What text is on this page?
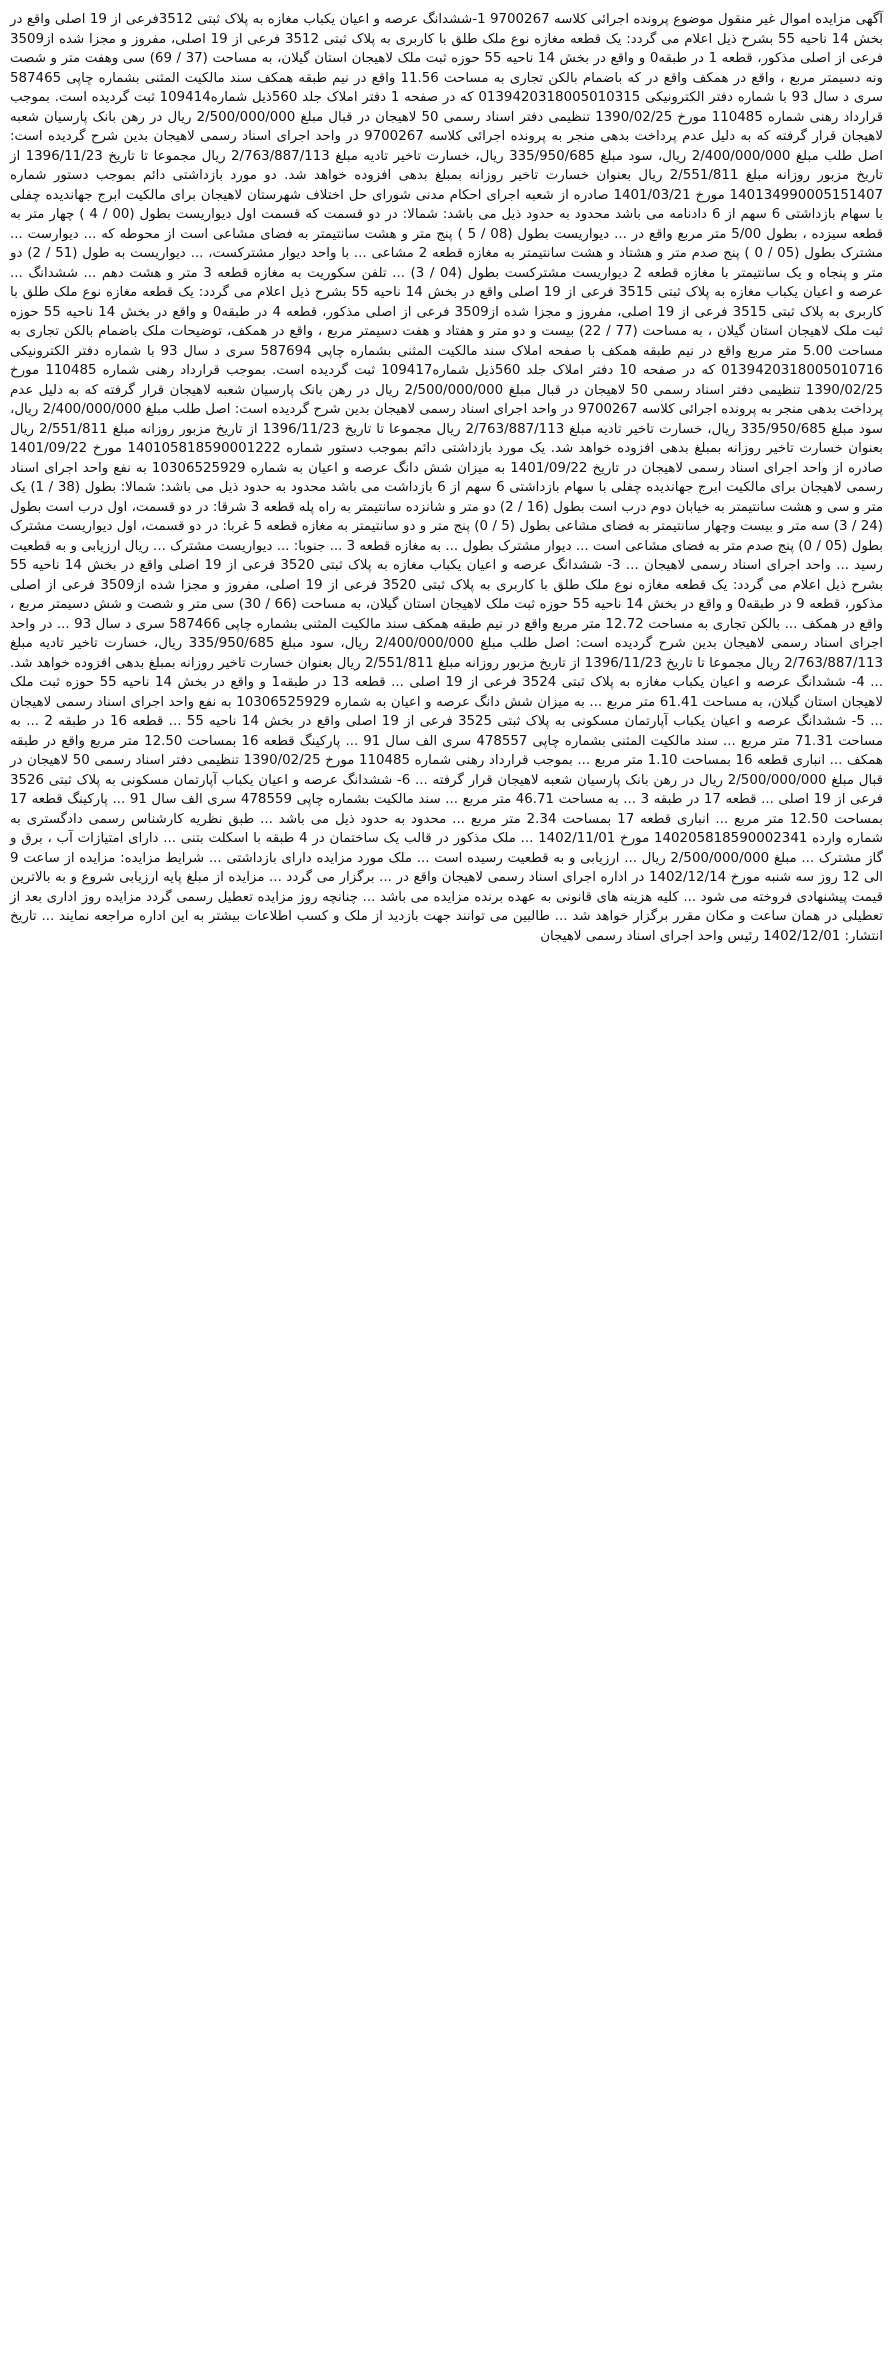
آگهی مزایده اموال غیر منقول موضوع پرونده اجرائی کلاسه 9700267 1-ششدانگ عرصه و اعیان یکباب مغازه به پلاک ثبتی 3512فرعی از 19 اصلی واقع در بخش 14 ناحیه 55 بشرح ذیل اعلام می گردد: یک قطعه مغازه نوع ملک طلق با کاربری به پلاک ثبتی 3512 فرعی از 19 اصلی، مفروز و مجزا شده از3509 فرعی از اصلی مذکور، قطعه 1 در طبقه0 و واقع در بخش 14 ناحیه 55 حوزه ثبت ملک لاهیجان استان گیلان، به مساحت (37 / 69) سی وهفت متر و شصت ونه دسیمتر مربع ، واقع در همکف واقع در که باضمام بالکن تجاری به مساحت 11.56 واقع در نیم طبقه همکف سند مالکیت المثنی بشماره چاپی 587465 سری د سال 93 با شماره دفتر الکترونیکی 013942031800501031​5 که در صفحه 1 دفتر املاک جلد 560ذیل شماره109414 ثبت گردیده است. بموجب قرارداد رهنی شماره 110485 مورخ 1390/02/25 تنظیمی دفتر اسناد رسمی 50 لاهیجان در قبال مبلغ 2/500/000/000 ریال در رهن بانک پارسیان شعبه لاهیجان قرار گرفته که به دلیل عدم پرداخت بدهی منجر به پرونده اجرائی کلاسه 9700267 در واحد اجرای اسناد رسمی لاهیجان بدین شرح گردیده است: اصل طلب مبلغ 2/400/000/000 ریال، سود مبلغ 335/950/685 ریال، خسارت تاخیر تادیه مبلغ 2/763/887/113 ریال مجموعا تا تاریخ 1396/11/23 از تاریخ مزبور روزانه مبلغ 2/551/811 ریال بعنوان خسارت تاخیر روزانه بمبلغ بدهی افزوده خواهد شد. دو مورد بازداشتی دائم بموجب دستور شماره 140134990005151407 مورخ 1401/03/21 صادره از شعبه اجرای احکام مدنی شورای حل اختلاف شهرستان لاهیجان برای مالکیت ابرج جهاندیده چفلی با سهام بازداشتی 6 سهم از 6 دادنامه می باشد محدود به حدود ذیل می باشد: شمالا: در دو قسمت که قسمت اول دیواریست بطول (00 / 4 ) چهار متر به قطعه سیزده ، بطول 5/00 متر مربع واقع در ... دیواریست بطول (08 / 5 ) پنج متر و هشت سانتیمتر به فضای مشاعی است از محوطه که ... دیوارست ... مشترک بطول (05 / 0 ) پنج صدم متر و هشتاد و هشت سانتیمتر به مغازه قطعه 2 مشاعی ... با واحد دیوار مشترکست، ... دیواریست به طول (51 / 2) دو متر و پنجاه و یک سانتیمتر با مغازه قطعه 2 دیواریست مشترکست بطول (04 / 3) ... تلفن سکوریت به مغازه قطعه 3 متر و هشت دهم ... ششدانگ ... عرصه و اعیان یکباب مغازه به پلاک ثبتی 3515 فرعی از 19 اصلی واقع در بخش 14 ناحیه 55 بشرح ذیل اعلام می گردد: یک قطعه مغازه نوع ملک طلق با کاربری به پلاک ثبتی 3515 فرعی از 19 اصلی، مفروز و مجزا شده از3509 فرعی از اصلی مذکور، قطعه 4 در طبقه0 و واقع در بخش 14 ناحیه 55 حوزه ثبت ملک لاهیجان استان گیلان ، به مساحت (77 / 22) بیست و دو متر و هفتاد و هفت دسیمتر مربع ، واقع در همکف، توضیحات ملک باضمام بالکن تجاری به مساحت 5.00 متر مربع واقع در نیم طبقه همکف با صفحه املاک سند مالکیت المثنی بشماره چاپی 587694 سری د سال 93 با شماره دفتر الکترونیکی 013942031800501071​6 که در صفحه 10 دفتر املاک جلد 560ذیل شماره109417 ثبت گردیده است. بموجب قرارداد رهنی شماره 110485 مورخ 1390/02/25 تنظیمی دفتر اسناد رسمی 50 لاهیجان در قبال مبلغ 2/500/000/000 ریال در رهن بانک پارسیان شعبه لاهیجان قرار گرفته که به دلیل عدم پرداخت بدهی منجر به پرونده اجرائی کلاسه 9700267 در واحد اجرای اسناد رسمی لاهیجان بدین شرح گردیده است: اصل طلب مبلغ 2/400/000/000 ریال، سود مبلغ 335/950/685 ریال، خسارت تاخیر تادیه مبلغ 2/763/887/113 ریال مجموعا تا تاریخ 1396/11/23 از تاریخ مزبور روزانه مبلغ 2/551/811 ریال بعنوان خسارت تاخیر روزانه بمبلغ بدهی افزوده خواهد شد. یک مورد بازداشتی دائم بموجب دستور شماره 140105818590001222 مورخ 1401/09/22 صادره از واحد اجرای اسناد رسمی لاهیجان در تاریخ 1401/09/22 به میزان شش دانگ عرصه و اعیان به شماره 10306525929 به نفع واحد اجرای اسناد رسمی لاهیجان برای مالکیت ابرج جهاندیده چفلی با سهام بازداشتی 6 سهم از 6 بازداشت می باشد محدود به حدود ذیل می باشد: شمالا: بطول (38 / 1) یک متر و سی و هشت سانتیمتر به خیابان دوم درب است بطول (16 / 2) دو متر و شانزده سانتیمتر به راه پله قطعه 3 شرقا: در دو قسمت، اول درب است بطول (24 / 3) سه متر و بیست وچهار سانتیمتر به فضای مشاعی بطول (5 / 0) پنج متر و دو سانتیمتر به مغازه قطعه 5 غربا: در دو قسمت، اول دیواریست مشترک بطول (05 / 0) پنج صدم متر به فضای مشاعی است ... دیوار مشترک بطول ... به مغازه قطعه 3 ... جنوبا: ... دیواریست مشترک ... ریال ارزیابی و به قطعیت رسید ... واحد اجرای اسناد رسمی لاهیجان ... 3- ششدانگ عرصه و اعیان یکباب مغازه به پلاک ثبتی 3520 فرعی از 19 اصلی واقع در بخش 14 ناحیه 55 بشرح ذیل اعلام می گردد: یک قطعه مغازه نوع ملک طلق با کاربری به پلاک ثبتی 3520 فرعی از 19 اصلی، مفروز و مجزا شده از3509 فرعی از اصلی مذکور، قطعه 9 در طبقه0 و واقع در بخش 14 ناحیه 55 حوزه ثبت ملک لاهیجان استان گیلان، به مساحت (66 / 30) سی متر و شصت و شش دسیمتر مربع ، واقع در همکف ... بالکن تجاری به مساحت 12.72 متر مربع واقع در نیم طبقه همکف سند مالکیت المثنی بشماره چاپی 587466 سری د سال 93 ... در واحد اجرای اسناد رسمی لاهیجان بدین شرح گردیده است: اصل طلب مبلغ 2/400/000/000 ریال، سود مبلغ 335/950/685 ریال، خسارت تاخیر تادیه مبلغ 2/763/887/113 ریال مجموعا تا تاریخ 1396/11/23 از تاریخ مزبور روزانه مبلغ 2/551/811 ریال بعنوان خسارت تاخیر روزانه بمبلغ بدهی افزوده خواهد شد. ... 4- ششدانگ عرصه و اعیان یکباب مغازه به پلاک ثبتی 3524 فرعی از 19 اصلی ... قطعه 13 در طبقه1 و واقع در بخش 14 ناحیه 55 حوزه ثبت ملک لاهیجان استان گیلان، به مساحت 61.41 متر مربع ... به میزان شش دانگ عرصه و اعیان به شماره 10306525929 به نفع واحد اجرای اسناد رسمی لاهیجان ... 5- ششدانگ عرصه و اعیان یکباب آپارتمان مسکونی به پلاک ثبتی 3525 فرعی از 19 اصلی واقع در بخش 14 ناحیه 55 ... قطعه 16 در طبقه 2 ... به مساحت 71.31 متر مربع ... سند مالکیت المثنی بشماره چاپی 478557 سری الف سال 91 ... پارکینگ قطعه 16 بمساحت 12.50 متر مربع واقع در طبقه همکف ... انباری قطعه 16 بمساحت 1.10 متر مربع ... بموجب قرارداد رهنی شماره 110485 مورخ 1390/02/25 تنظیمی دفتر اسناد رسمی 50 لاهیجان در قبال مبلغ 2/500/000/000 ریال در رهن بانک پارسیان شعبه لاهیجان قرار گرفته ... 6- ششدانگ عرصه و اعیان یکباب آپارتمان مسکونی به پلاک ثبتی 3526 فرعی از 19 اصلی ... قطعه 17 در طبقه 3 ... به مساحت 46.71 متر مربع ... سند مالکیت بشماره چاپی 478559 سری الف سال 91 ... پارکینگ قطعه 17 بمساحت 12.50 متر مربع ... انباری قطعه 17 بمساحت 2.34 متر مربع ... محدود به حدود ذیل می باشد ... طبق نظریه کارشناس رسمی دادگستری به شماره وارده 140205818590002341 مورخ 1402/11/01 ... ملک مذکور در قالب یک ساختمان در 4 طبقه با اسکلت بتنی ... دارای امتیازات آب ، برق و گاز مشترک ... مبلغ 2/500/000/000 ریال ... ارزیابی و به قطعیت رسیده است ... ملک مورد مزایده دارای بازداشتی ... شرایط مزایده: مزایده از ساعت 9 الی 12 روز سه شنبه مورخ 1402/12/14 در اداره اجرای اسناد رسمی لاهیجان واقع در ... برگزار می گردد ... مزایده از مبلغ پایه ارزیابی شروع و به بالاترین قیمت پیشنهادی فروخته می شود ... کلیه هزینه های قانونی به عهده برنده مزایده می باشد ... چنانچه روز مزایده تعطیل رسمی گردد مزایده روز اداری بعد از تعطیلی در همان ساعت و مکان مقرر برگزار خواهد شد ... طالبین می توانند جهت بازدید از ملک و کسب اطلاعات بیشتر به این اداره مراجعه نمایند ... تاریخ انتشار: 1402/12/01 رئیس واحد اجرای اسناد رسمی لاهیجان
